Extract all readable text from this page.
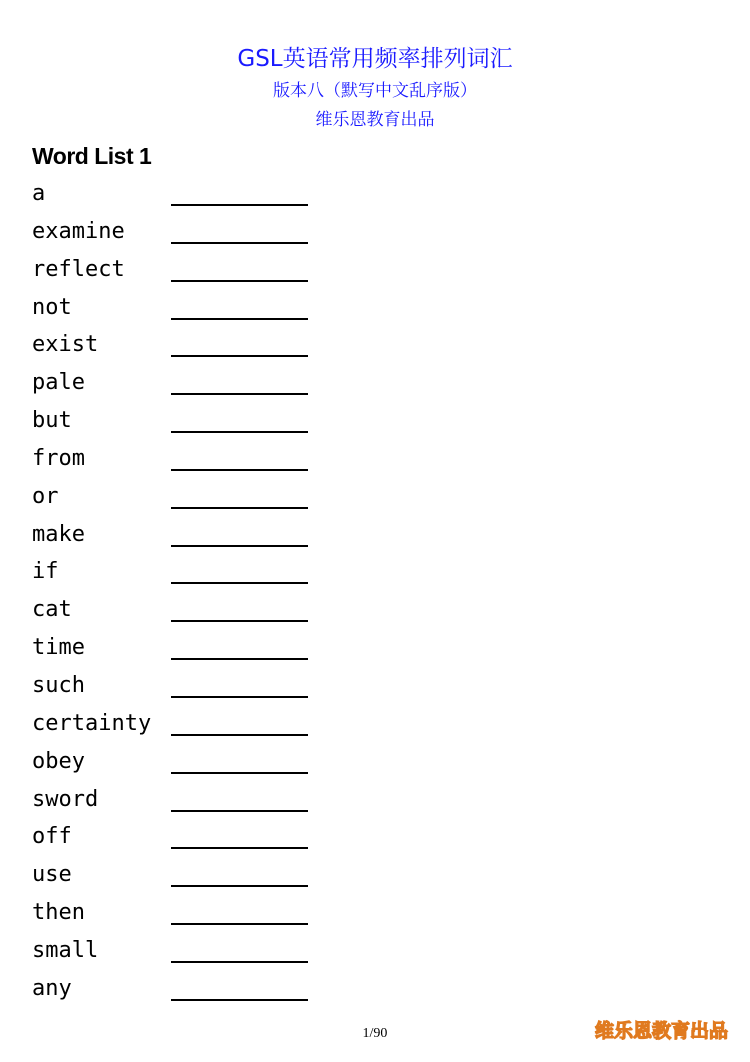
GSL英语常用频率排列词汇
版本八（默写中文乱序版）
维乐恩教育出品
Word List 1
a
examine
reflect
not
exist
pale
but
from
or
make
if
cat
time
such
certainty
obey
sword
off
use
then
small
any
1/90	维乐恩教育出品
